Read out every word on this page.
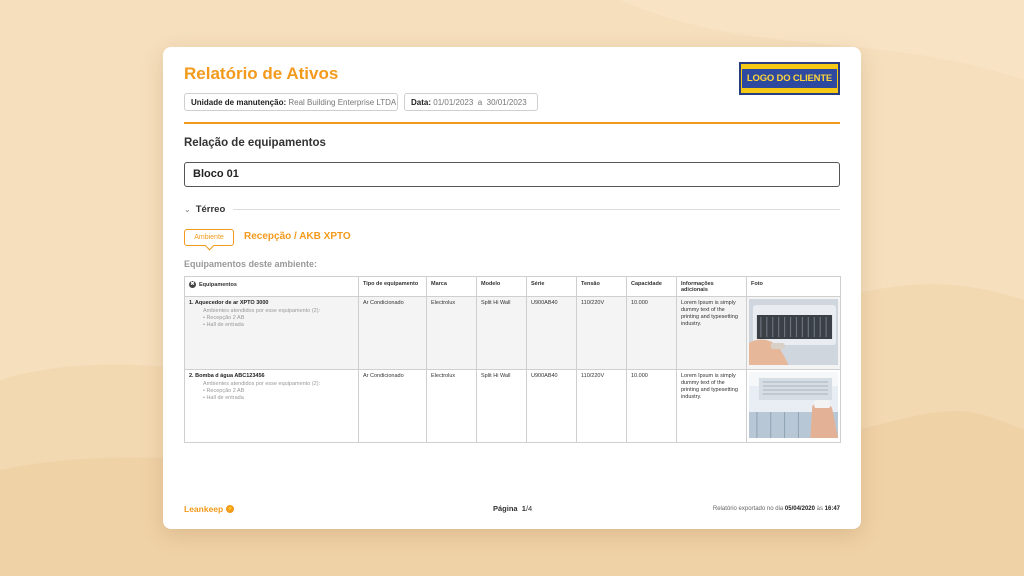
Relatório de Ativos
Unidade de manutenção: Real Building Enterprise LTDA	Data: 01/01/2023  a  30/01/2023
LOGO DO CLIENTE
Relação de equipamentos
Bloco 01
⌄ Térreo
Ambiente	Recepção / AKB XPTO
Equipamentos deste ambiente:
✖ Equipamentos	Tipo de equipamento	Marca	Modelo	Série	Tensão	Capacidade	Informações adicionais	Foto

1. Aquecedor de ar XPTO 3000
Ambientes atendidos por esse equipamento (2):
• Recepção 2 AB
• Hall de entrada	Ar Condicionado	Electrolux	Split Hi Wall	U900AB40	110/220V	10.000	Lorem Ipsum is simply dummy text of the printing and typesetting industry.	

2. Bomba d água ABC123456
Ambientes atendidos por esse equipamento (2):
• Recepção 2 AB
• Hall de entrada	Ar Condicionado	Electrolux	Split Hi Wall	U900AB40	110/220V	10.000	Lorem Ipsum is simply dummy text of the printing and typesetting industry.	
Leankeep ⚡	Página 1/4	Relatório exportado no dia 05/04/2020 às 16:47
